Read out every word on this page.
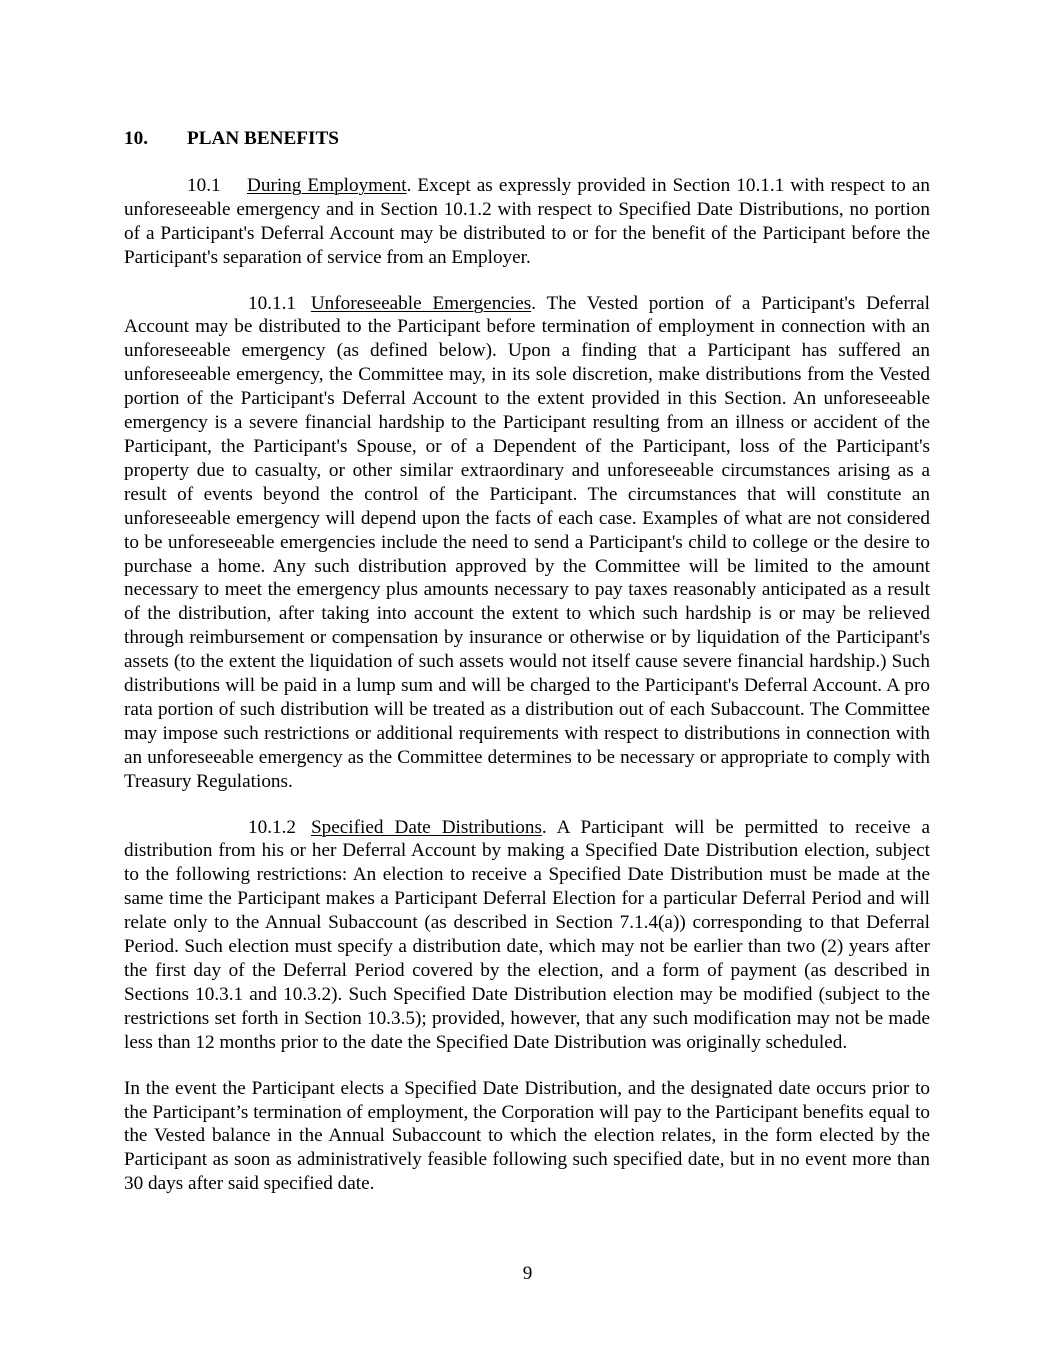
10. PLAN BENEFITS

10.1 During Employment. Except as expressly provided in Section 10.1.1 with respect to an unforeseeable emergency and in Section 10.1.2 with respect to Specified Date Distributions, no portion of a Participant's Deferral Account may be distributed to or for the benefit of the Participant before the Participant's separation of service from an Employer.

10.1.1 Unforeseeable Emergencies. The Vested portion of a Participant's Deferral Account may be distributed to the Participant before termination of employment in connection with an unforeseeable emergency (as defined below). Upon a finding that a Participant has suffered an unforeseeable emergency, the Committee may, in its sole discretion, make distributions from the Vested portion of the Participant's Deferral Account to the extent provided in this Section. An unforeseeable emergency is a severe financial hardship to the Participant resulting from an illness or accident of the Participant, the Participant's Spouse, or of a Dependent of the Participant, loss of the Participant's property due to casualty, or other similar extraordinary and unforeseeable circumstances arising as a result of events beyond the control of the Participant. The circumstances that will constitute an unforeseeable emergency will depend upon the facts of each case. Examples of what are not considered to be unforeseeable emergencies include the need to send a Participant's child to college or the desire to purchase a home. Any such distribution approved by the Committee will be limited to the amount necessary to meet the emergency plus amounts necessary to pay taxes reasonably anticipated as a result of the distribution, after taking into account the extent to which such hardship is or may be relieved through reimbursement or compensation by insurance or otherwise or by liquidation of the Participant's assets (to the extent the liquidation of such assets would not itself cause severe financial hardship.) Such distributions will be paid in a lump sum and will be charged to the Participant's Deferral Account. A pro rata portion of such distribution will be treated as a distribution out of each Subaccount. The Committee may impose such restrictions or additional requirements with respect to distributions in connection with an unforeseeable emergency as the Committee determines to be necessary or appropriate to comply with Treasury Regulations.

10.1.2 Specified Date Distributions. A Participant will be permitted to receive a distribution from his or her Deferral Account by making a Specified Date Distribution election, subject to the following restrictions: An election to receive a Specified Date Distribution must be made at the same time the Participant makes a Participant Deferral Election for a particular Deferral Period and will relate only to the Annual Subaccount (as described in Section 7.1.4(a)) corresponding to that Deferral Period. Such election must specify a distribution date, which may not be earlier than two (2) years after the first day of the Deferral Period covered by the election, and a form of payment (as described in Sections 10.3.1 and 10.3.2). Such Specified Date Distribution election may be modified (subject to the restrictions set forth in Section 10.3.5); provided, however, that any such modification may not be made less than 12 months prior to the date the Specified Date Distribution was originally scheduled.

In the event the Participant elects a Specified Date Distribution, and the designated date occurs prior to the Participant’s termination of employment, the Corporation will pay to the Participant benefits equal to the Vested balance in the Annual Subaccount to which the election relates, in the form elected by the Participant as soon as administratively feasible following such specified date, but in no event more than 30 days after said specified date.

9
